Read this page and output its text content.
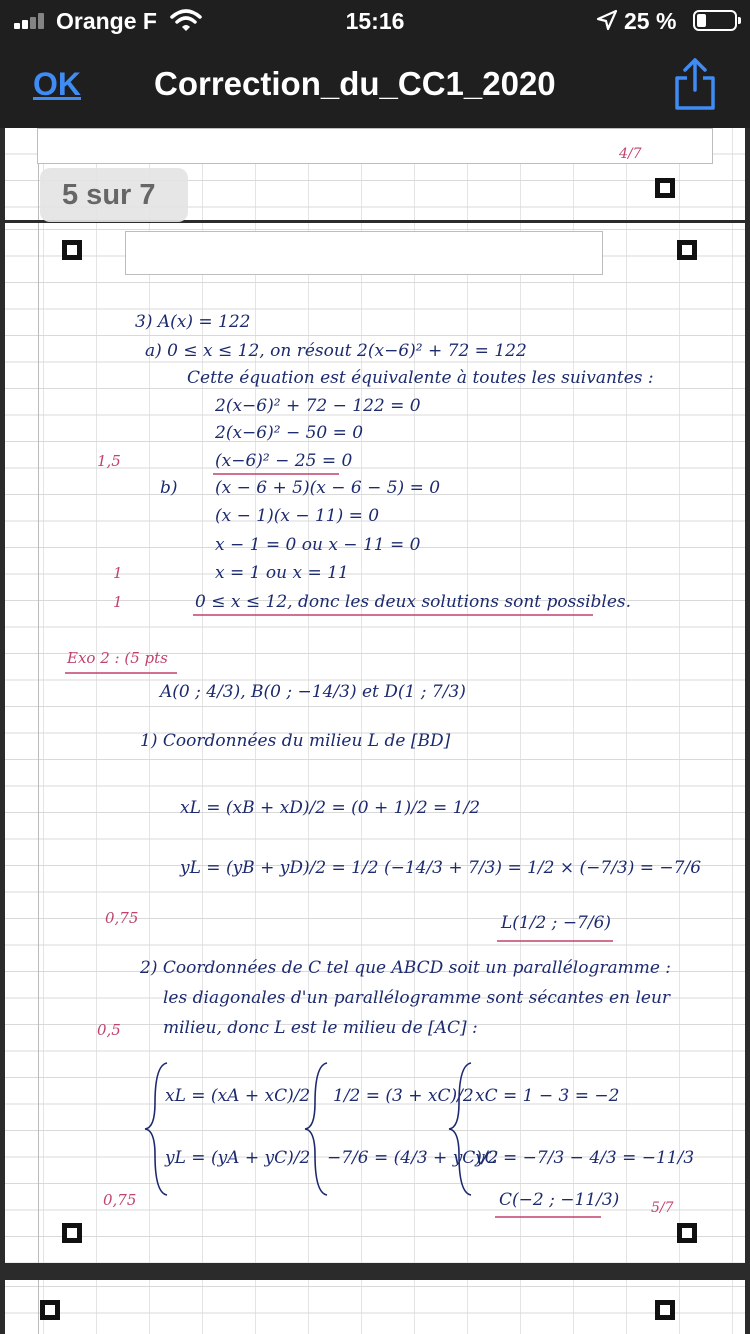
Orange F	15:16	25 %
OK Correction_du_CC1_2020
4/7
5/7
3) A(x) = 122
a) 0 ≤ x ≤ 12, on résout 2(x−6)² + 72 = 122
Cette équation est équivalente à toutes les suivantes :
2(x−6)² + 72 − 122 = 0
2(x−6)² − 50 = 0
1,5	(x−6)² − 25 = 0
b) (x − 6 + 5)(x − 6 − 5) = 0
(x − 1)(x − 11) = 0
x − 1 = 0 ou x − 11 = 0
1	x = 1 ou x = 11
1	0 ≤ x ≤ 12, donc les deux solutions sont possibles.
Exo 2 : (5 pts
A(0 ; 4/3), B(0 ; −14/3) et D(1 ; 7/3)
1) Coordonnées du milieu L de [BD]
xL = (xB + xD)/2 = (0 + 1)/2 = 1/2
yL = (yB + yD)/2 = 1/2 (−14/3 + 7/3) = 1/2 × (−7/3) = −7/6
0,75	L(1/2 ; −7/6)
2) Coordonnées de C tel que ABCD soit un parallélogramme :
les diagonales d'un parallélogramme sont sécantes en leur
0,5 milieu, donc L est le milieu de [AC] :
xL = (xA + xC)/2
yL = (yA + yC)/2
1/2 = (3 + xC)/2
−7/6 = (4/3 + yC)/2
xC = 1 − 3 = −2
yC = −7/3 − 4/3 = −11/3
0,75	C(−2 ; −11/3)
5 sur 7
